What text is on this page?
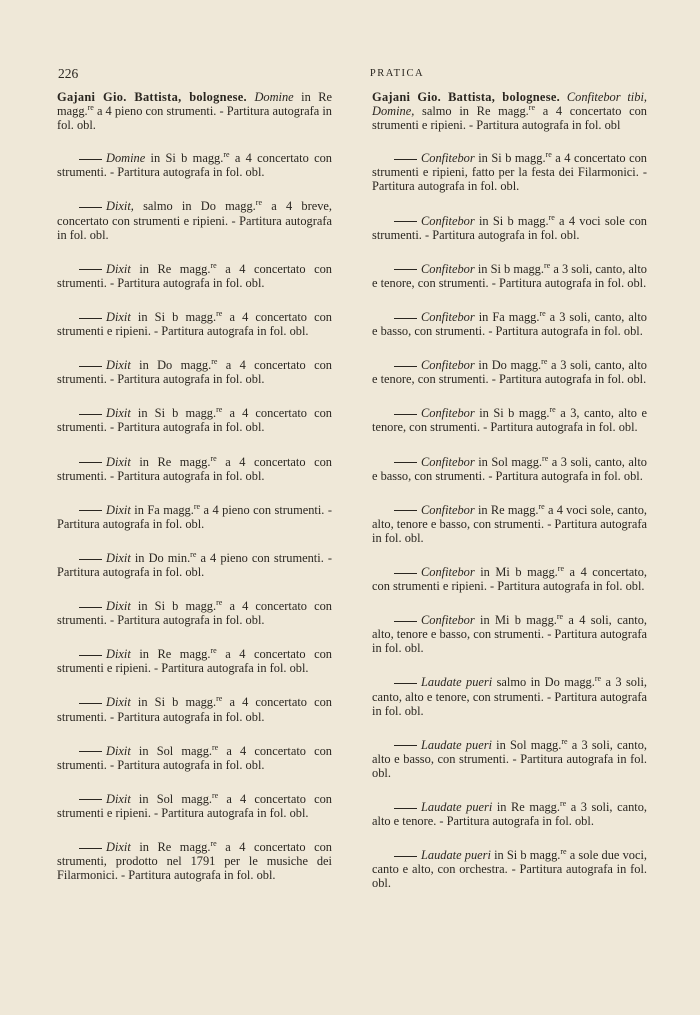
226	PRATICA

Gajani Gio. Battista, bolognese. Domine in Re magg.$^{re}$ a 4 pieno con strumenti. - Partitura autografa in fol. obl.

Domine in Si b magg.$^{re}$ a 4 concertato con strumenti. - Partitura autografa in fol. obl.

Dixit, salmo in Do magg.$^{re}$ a 4 breve, concertato con strumenti e ripieni. - Partitura autografa in fol. obl.

Dixit in Re magg.$^{re}$ a 4 concertato con strumenti. - Partitura autografa in fol. obl.

Dixit in Si b magg.$^{re}$ a 4 concertato con strumenti e ripieni. - Partitura autografa in fol. obl.

Dixit in Do magg.$^{re}$ a 4 concertato con strumenti. - Partitura autografa in fol. obl.

Dixit in Si b magg.$^{re}$ a 4 concertato con strumenti. - Partitura autografa in fol. obl.

Dixit in Re magg.$^{re}$ a 4 concertato con strumenti. - Partitura autografa in fol. obl.

Dixit in Fa magg.$^{re}$ a 4 pieno con strumenti. - Partitura autografa in fol. obl.

Dixit in Do min.$^{re}$ a 4 pieno con strumenti. - Partitura autografa in fol. obl.

Dixit in Si b magg.$^{re}$ a 4 concertato con strumenti. - Partitura autografa in fol. obl.

Dixit in Re magg.$^{re}$ a 4 concertato con strumenti e ripieni. - Partitura autografa in fol. obl.

Dixit in Si b magg.$^{re}$ a 4 concertato con strumenti. - Partitura autografa in fol. obl.

Dixit in Sol magg.$^{re}$ a 4 concertato con strumenti. - Partitura autografa in fol. obl.

Dixit in Sol magg.$^{re}$ a 4 concertato con strumenti e ripieni. - Partitura autografa in fol. obl.

Dixit in Re magg.$^{re}$ a 4 concertato con strumenti, prodotto nel 1791 per le musiche dei Filarmonici. - Partitura autografa in fol. obl.

Gajani Gio. Battista, bolognese. Confitebor tibi, Domine, salmo in Re magg.$^{re}$ a 4 concertato con strumenti e ripieni. - Partitura autografa in fol. obl

Confitebor in Si b magg.$^{re}$ a 4 concertato con strumenti e ripieni, fatto per la festa dei Filarmonici. - Partitura autografa in fol. obl.

Confitebor in Si b magg.$^{re}$ a 4 voci sole con strumenti. - Partitura autografa in fol. obl.

Confitebor in Si b magg.$^{re}$ a 3 soli, canto, alto e tenore, con strumenti. - Partitura autografa in fol. obl.

Confitebor in Fa magg.$^{re}$ a 3 soli, canto, alto e basso, con strumenti. - Partitura autografa in fol. obl.

Confitebor in Do magg.$^{re}$ a 3 soli, canto, alto e tenore, con strumenti. - Partitura autografa in fol. obl.

Confitebor in Si b magg.$^{re}$ a 3, canto, alto e tenore, con strumenti. - Partitura autografa in fol. obl.

Confitebor in Sol magg.$^{re}$ a 3 soli, canto, alto e basso, con strumenti. - Partitura autografa in fol. obl.

Confitebor in Re magg.$^{re}$ a 4 voci sole, canto, alto, tenore e basso, con strumenti. - Partitura autografa in fol. obl.

Confitebor in Mi b magg.$^{re}$ a 4 concertato, con strumenti e ripieni. - Partitura autografa in fol. obl.

Confitebor in Mi b magg.$^{re}$ a 4 soli, canto, alto, tenore e basso, con strumenti. - Partitura autografa in fol. obl.

Laudate pueri salmo in Do magg.$^{re}$ a 3 soli, canto, alto e tenore, con strumenti. - Partitura autografa in fol. obl.

Laudate pueri in Sol magg.$^{re}$ a 3 soli, canto, alto e basso, con strumenti. - Partitura autografa in fol. obl.

Laudate pueri in Re magg.$^{re}$ a 3 soli, canto, alto e tenore. - Partitura autografa in fol. obl.

Laudate pueri in Si b magg.$^{re}$ a sole due voci, canto e alto, con orchestra. - Partitura autografa in fol. obl.
